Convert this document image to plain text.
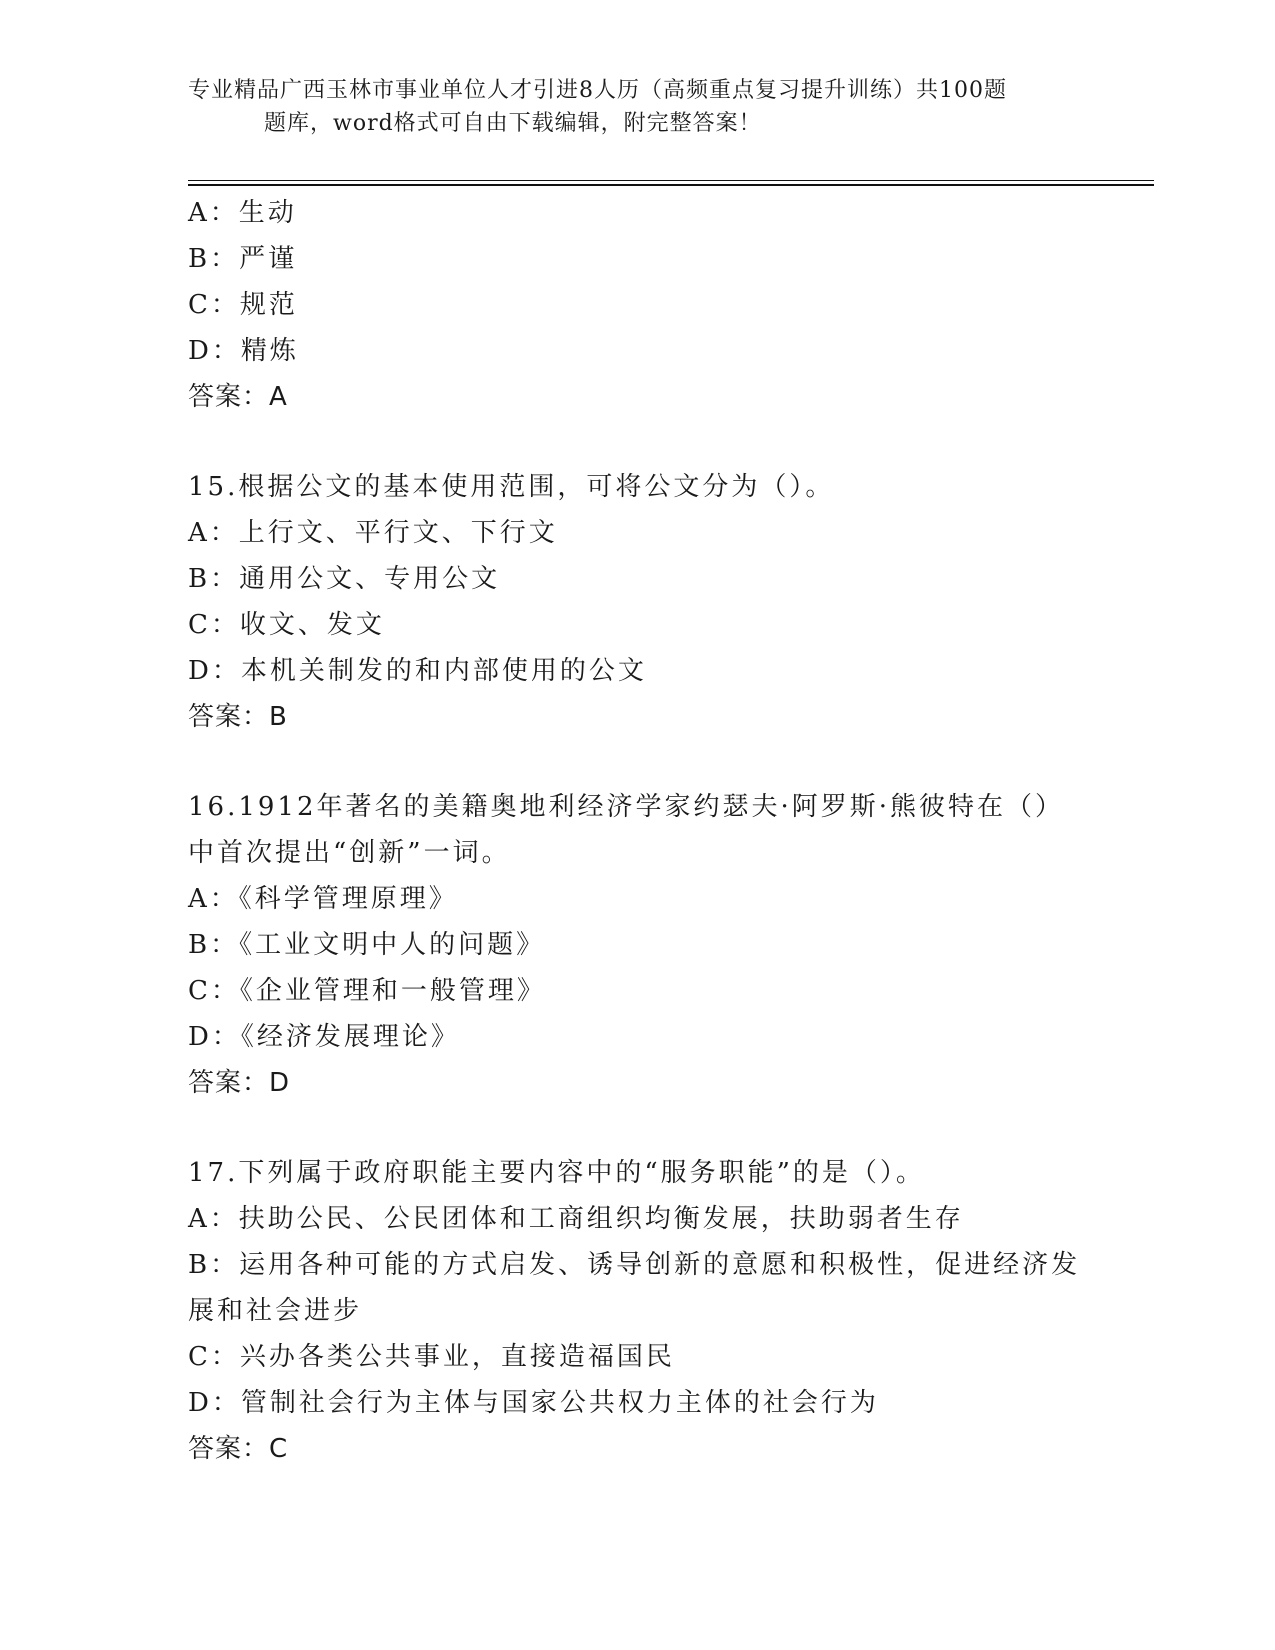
专业精品广西玉林市事业单位人才引进8人历（高频重点复习提升训练）共100题
题库，word格式可自由下载编辑，附完整答案！
A：生动
B：严谨
C：规范
D：精炼
答案：A
15.根据公文的基本使用范围，可将公文分为（）。
A：上行文、平行文、下行文
B：通用公文、专用公文
C：收文、发文
D：本机关制发的和内部使用的公文
答案：B
16.1912年著名的美籍奥地利经济学家约瑟夫·阿罗斯·熊彼特在（）
中首次提出“创新”一词。
A：《科学管理原理》
B：《工业文明中人的问题》
C：《企业管理和一般管理》
D：《经济发展理论》
答案：D
17.下列属于政府职能主要内容中的“服务职能”的是（）。
A：扶助公民、公民团体和工商组织均衡发展，扶助弱者生存
B：运用各种可能的方式启发、诱导创新的意愿和积极性，促进经济发
展和社会进步
C：兴办各类公共事业，直接造福国民
D：管制社会行为主体与国家公共权力主体的社会行为
答案：C
